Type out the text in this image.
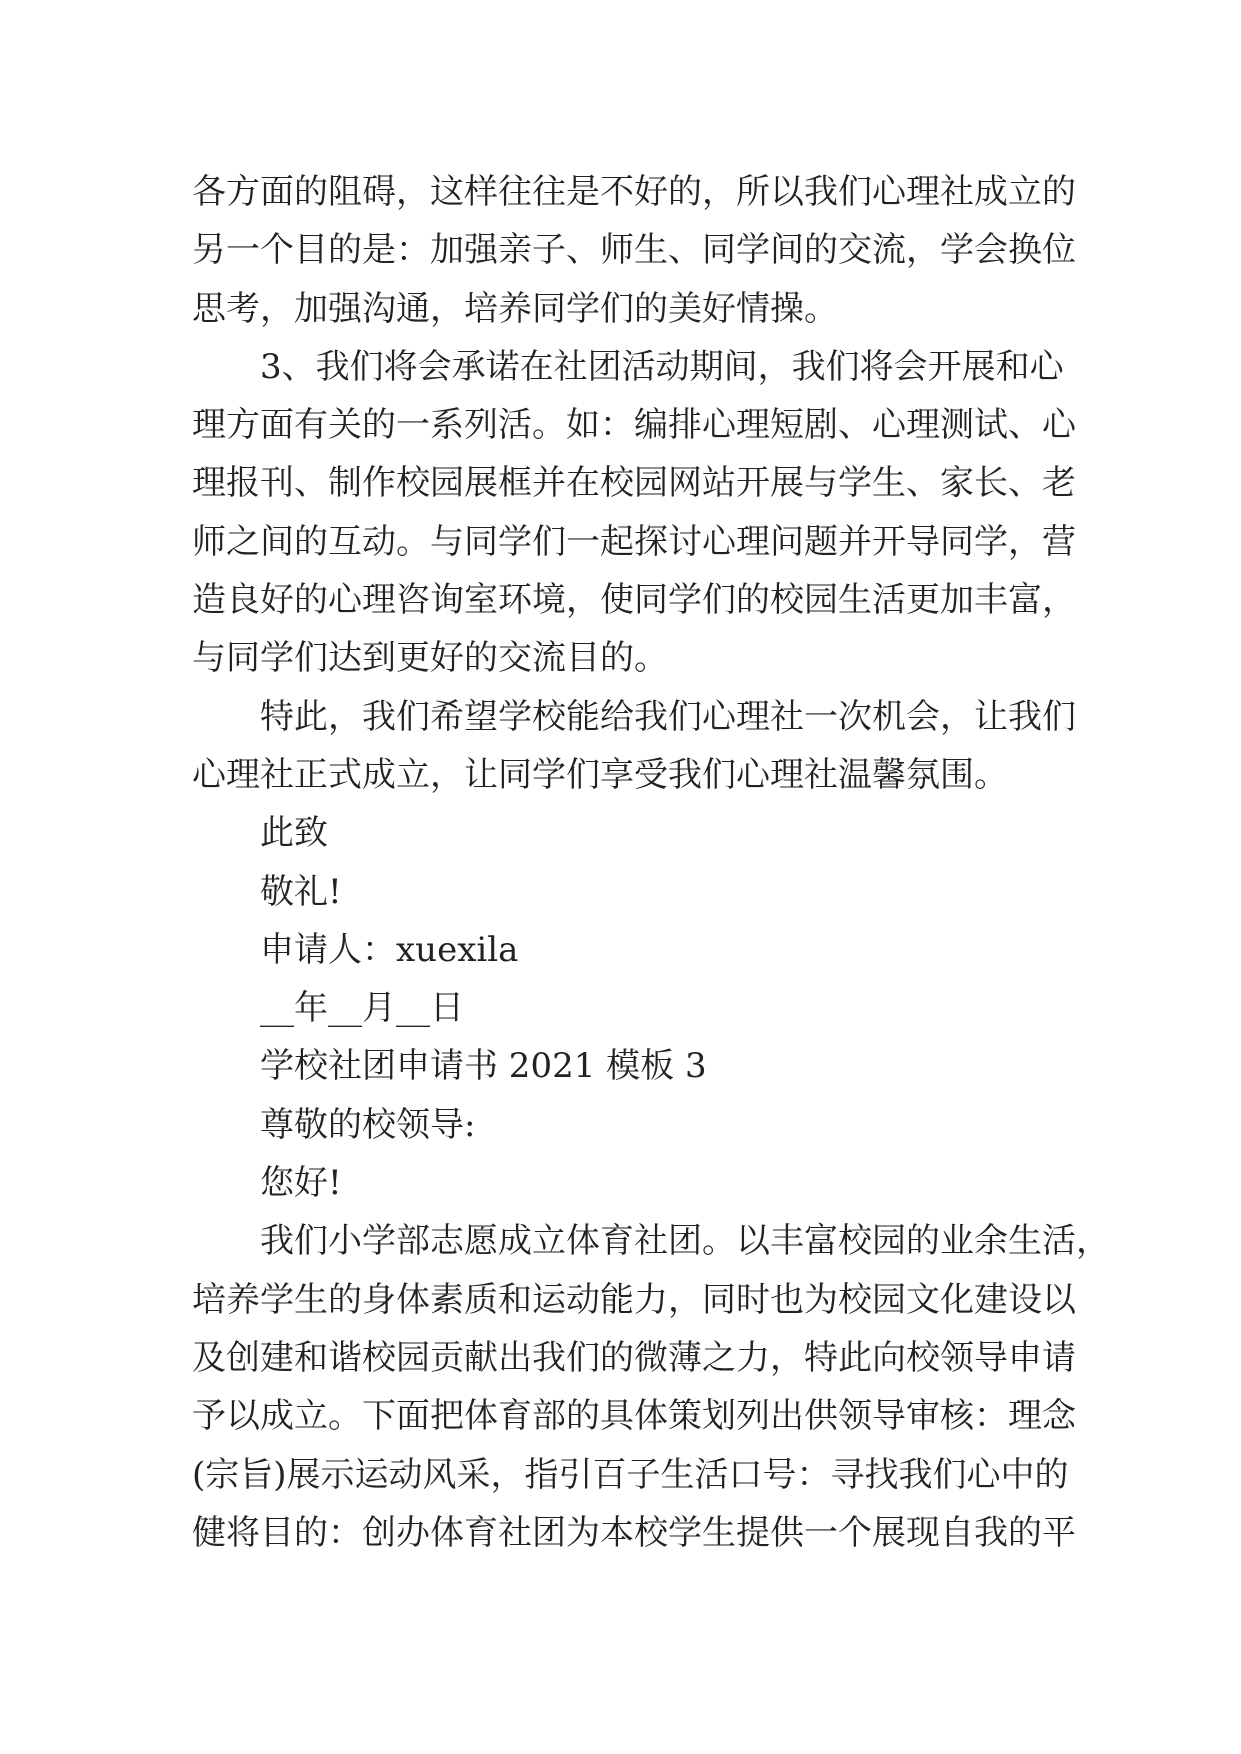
各方面的阻碍，这样往往是不好的，所以我们心理社成立的
另一个目的是：加强亲子、师生、同学间的交流，学会换位
思考，加强沟通，培养同学们的美好情操。
3、我们将会承诺在社团活动期间，我们将会开展和心
理方面有关的一系列活。如：编排心理短剧、心理测试、心
理报刊、制作校园展框并在校园网站开展与学生、家长、老
师之间的互动。与同学们一起探讨心理问题并开导同学，营
造良好的心理咨询室环境，使同学们的校园生活更加丰富，
与同学们达到更好的交流目的。
特此，我们希望学校能给我们心理社一次机会，让我们
心理社正式成立，让同学们享受我们心理社温馨氛围。
此致
敬礼!
申请人：xuexila
__年__月__日
学校社团申请书 2021 模板 3
尊敬的校领导:
您好!
我们小学部志愿成立体育社团。以丰富校园的业余生活，
培养学生的身体素质和运动能力，同时也为校园文化建设以
及创建和谐校园贡献出我们的微薄之力，特此向校领导申请
予以成立。下面把体育部的具体策划列出供领导审核：理念
(宗旨)展示运动风采，指引百子生活口号：寻找我们心中的
健将目的：创办体育社团为本校学生提供一个展现自我的平
